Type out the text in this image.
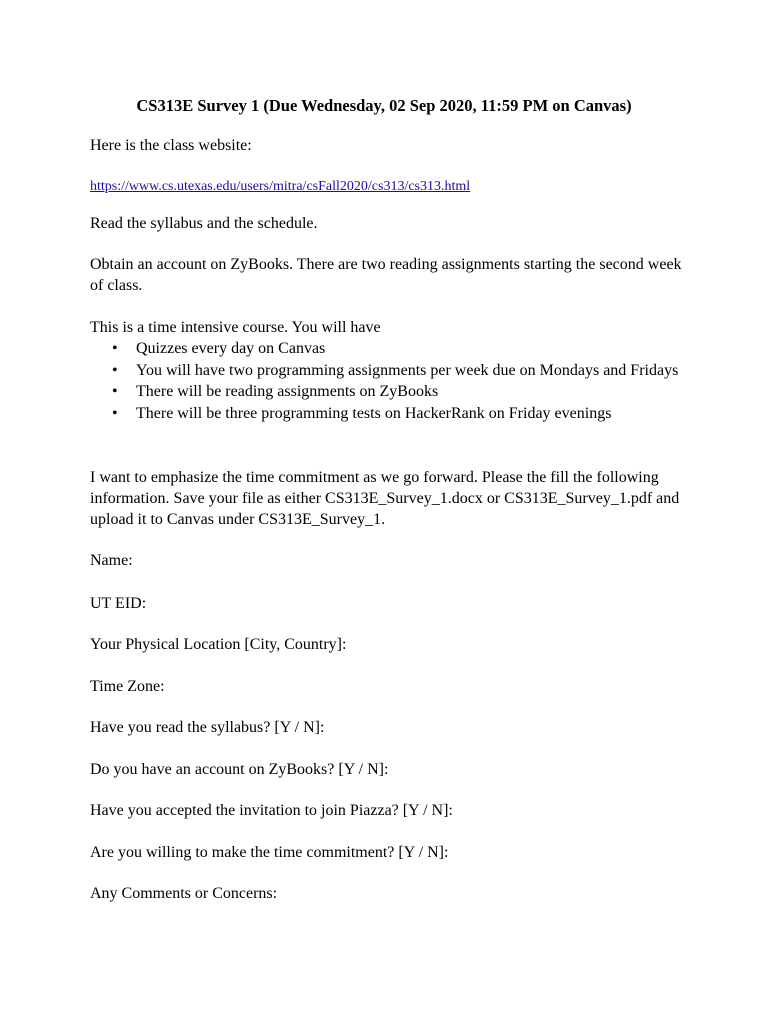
CS313E Survey 1 (Due Wednesday, 02 Sep 2020, 11:59 PM on Canvas)

Here is the class website:

https://www.cs.utexas.edu/users/mitra/csFall2020/cs313/cs313.html

Read the syllabus and the schedule.

Obtain an account on ZyBooks. There are two reading assignments starting the second week of class.

This is a time intensive course. You will have

• Quizzes every day on Canvas
• You will have two programming assignments per week due on Mondays and Fridays
• There will be reading assignments on ZyBooks
• There will be three programming tests on HackerRank on Friday evenings

I want to emphasize the time commitment as we go forward. Please the fill the following information. Save your file as either CS313E_Survey_1.docx or CS313E_Survey_1.pdf and upload it to Canvas under CS313E_Survey_1.

Name:

UT EID:

Your Physical Location [City, Country]:

Time Zone:

Have you read the syllabus? [Y / N]:

Do you have an account on ZyBooks? [Y / N]:

Have you accepted the invitation to join Piazza? [Y / N]:

Are you willing to make the time commitment? [Y / N]:

Any Comments or Concerns:
